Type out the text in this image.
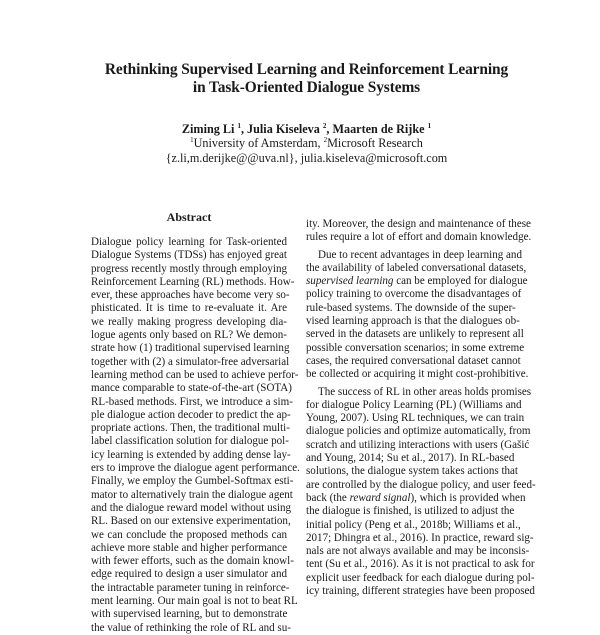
Rethinking Supervised Learning and Reinforcement Learning
in Task-Oriented Dialogue Systems
Ziming Li $^1$, Julia Kiseleva $^2$, Maarten de Rijke $^1$
$^1$University of Amsterdam, $^2$Microsoft Research
{z.li,m.derijke@@uva.nl}, julia.kiseleva@microsoft.com
Abstract

Dialogue policy learning for Task-oriented
Dialogue Systems (TDSs) has enjoyed great
progress recently mostly through employing
Reinforcement Learning (RL) methods. How-
ever, these approaches have become very so-
phisticated. It is time to re-evaluate it. Are
we really making progress developing dia-
logue agents only based on RL? We demon-
strate how (1) traditional supervised learning
together with (2) a simulator-free adversarial
learning method can be used to achieve perfor-
mance comparable to state-of-the-art (SOTA)
RL-based methods. First, we introduce a sim-
ple dialogue action decoder to predict the ap-
propriate actions. Then, the traditional multi-
label classification solution for dialogue pol-
icy learning is extended by adding dense lay-
ers to improve the dialogue agent performance.
Finally, we employ the Gumbel-Softmax esti-
mator to alternatively train the dialogue agent
and the dialogue reward model without using
RL. Based on our extensive experimentation,
we can conclude the proposed methods can
achieve more stable and higher performance
with fewer efforts, such as the domain knowl-
edge required to design a user simulator and
the intractable parameter tuning in reinforce-
ment learning. Our main goal is not to beat RL
with supervised learning, but to demonstrate
the value of rethinking the role of RL and su-

ity. Moreover, the design and maintenance of these
rules require a lot of effort and domain knowledge.

Due to recent advantages in deep learning and
the availability of labeled conversational datasets,
supervised learning can be employed for dialogue
policy training to overcome the disadvantages of
rule-based systems. The downside of the super-
vised learning approach is that the dialogues ob-
served in the datasets are unlikely to represent all
possible conversation scenarios; in some extreme
cases, the required conversational dataset cannot
be collected or acquiring it might cost-prohibitive.

The success of RL in other areas holds promises
for dialogue Policy Learning (PL) (Williams and
Young, 2007). Using RL techniques, we can train
dialogue policies and optimize automatically, from
scratch and utilizing interactions with users (Gašić
and Young, 2014; Su et al., 2017). In RL-based
solutions, the dialogue system takes actions that
are controlled by the dialogue policy, and user feed-
back (the reward signal), which is provided when
the dialogue is finished, is utilized to adjust the
initial policy (Peng et al., 2018b; Williams et al.,
2017; Dhingra et al., 2016). In practice, reward sig-
nals are not always available and may be inconsis-
tent (Su et al., 2016). As it is not practical to ask for
explicit user feedback for each dialogue during pol-
icy training, different strategies have been proposed
